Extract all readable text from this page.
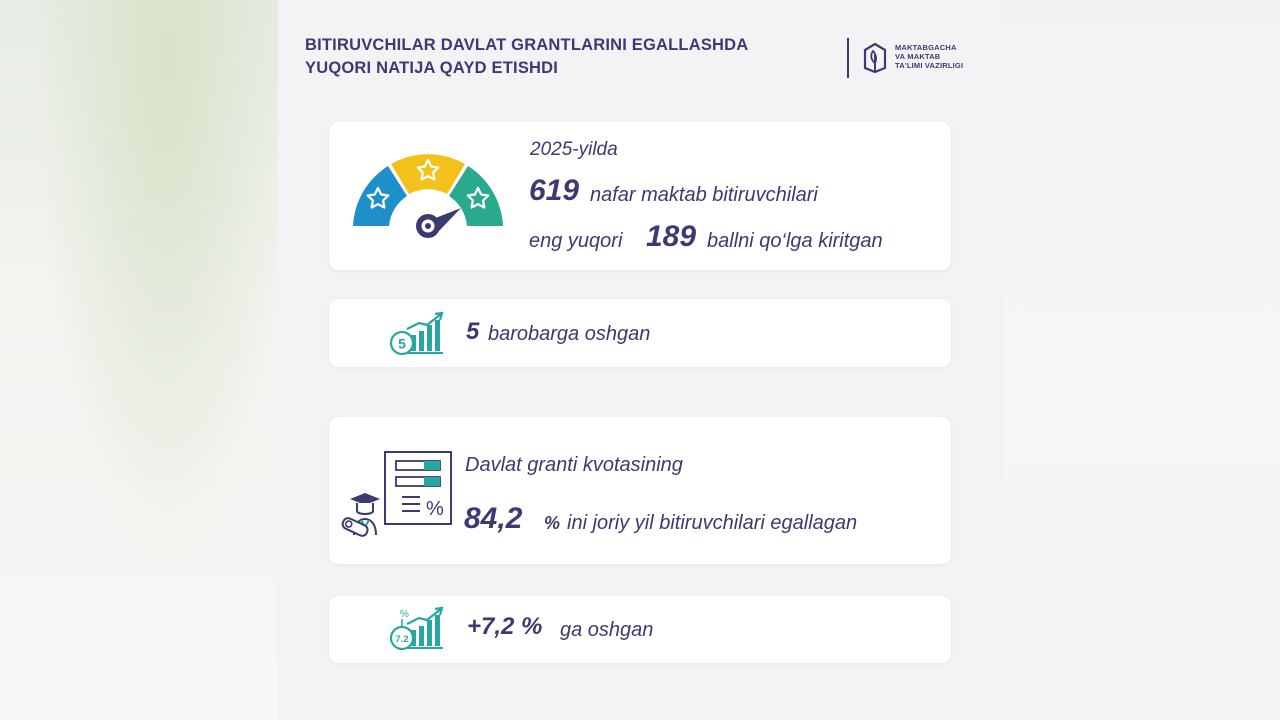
BITIRUVCHILAR DAVLAT GRANTLARINI EGALLASHDA
YUQORI NATIJA QAYD ETISHDI
MAKTABGACHA
VA MAKTAB
TA'LIMI VAZIRLIGI
2025-yilda
619 nafar maktab bitiruvchilari
eng yuqori 189 ballni qo‘lga kiritgan
5	5 barobarga oshgan
%
Davlat granti kvotasining
84,2 % ini joriy yil bitiruvchilari egallagan
%
7.2 +7,2 % ga oshgan
